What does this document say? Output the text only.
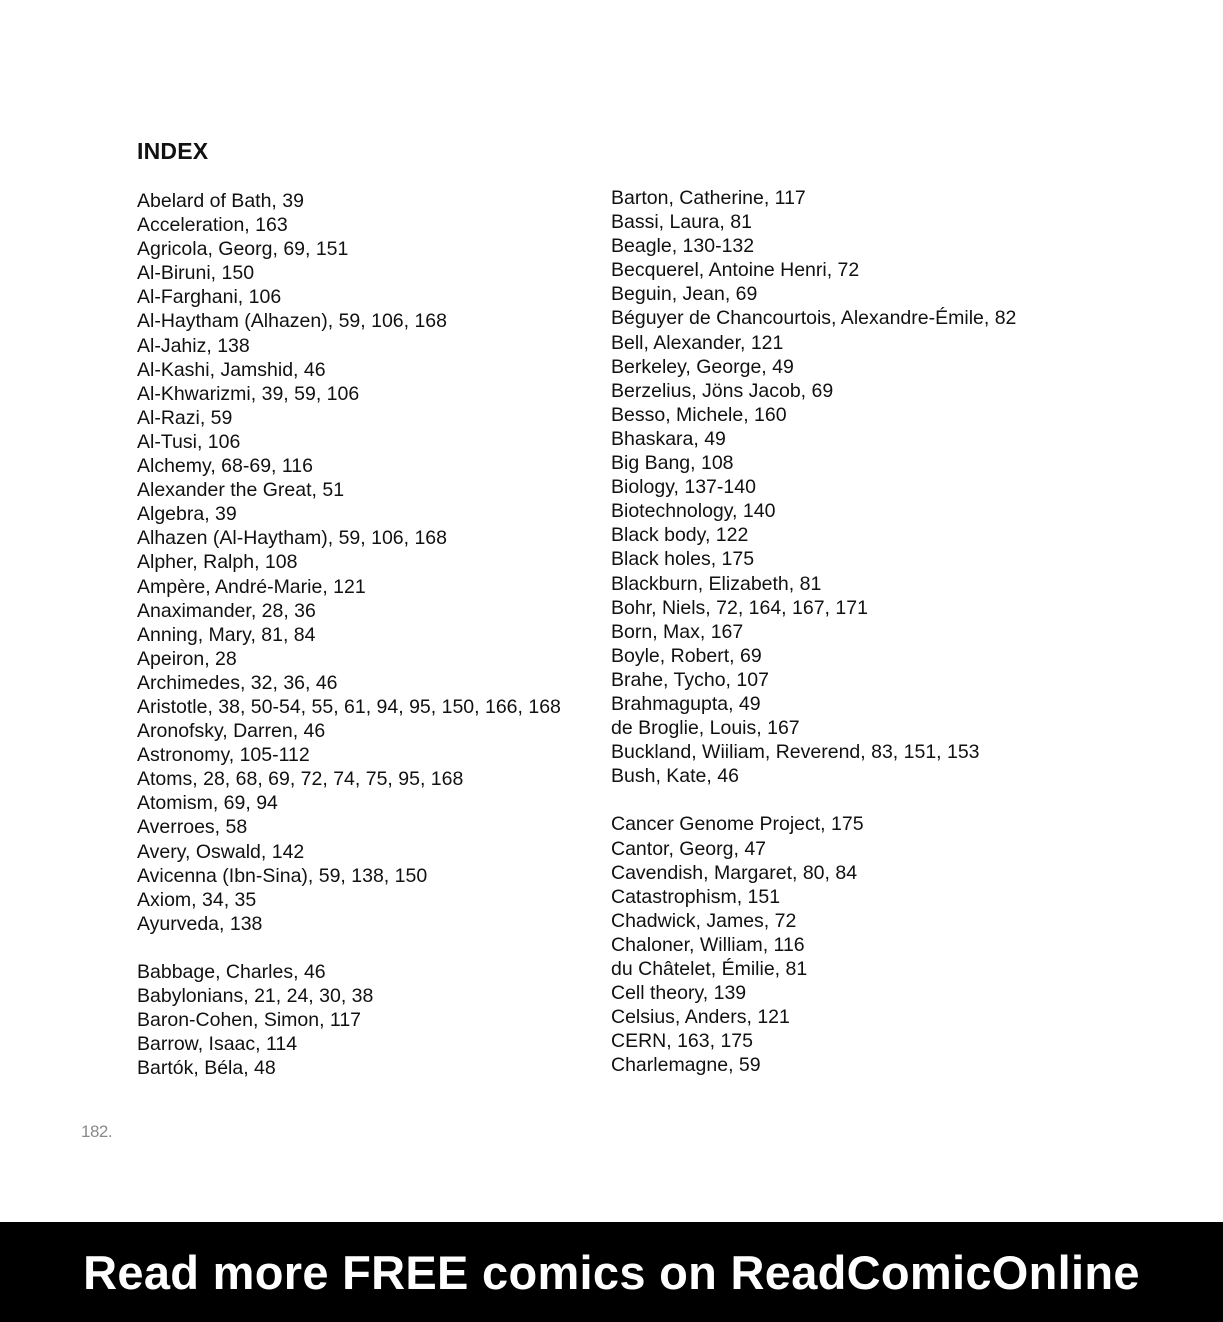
INDEX
Abelard of Bath, 39
Acceleration, 163
Agricola, Georg, 69, 151
Al-Biruni, 150
Al-Farghani, 106
Al-Haytham (Alhazen), 59, 106, 168
Al-Jahiz, 138
Al-Kashi, Jamshid, 46
Al-Khwarizmi, 39, 59, 106
Al-Razi, 59
Al-Tusi, 106
Alchemy, 68-69, 116
Alexander the Great, 51
Algebra, 39
Alhazen (Al-Haytham), 59, 106, 168
Alpher, Ralph, 108
Ampère, André-Marie, 121
Anaximander, 28, 36
Anning, Mary, 81, 84
Apeiron, 28
Archimedes, 32, 36, 46
Aristotle, 38, 50-54, 55, 61, 94, 95, 150, 166, 168
Aronofsky, Darren, 46
Astronomy, 105-112
Atoms, 28, 68, 69, 72, 74, 75, 95, 168
Atomism, 69, 94
Averroes, 58
Avery, Oswald, 142
Avicenna (Ibn-Sina), 59, 138, 150
Axiom, 34, 35
Ayurveda, 138
Babbage, Charles, 46
Babylonians, 21, 24, 30, 38
Baron-Cohen, Simon, 117
Barrow, Isaac, 114
Bartók, Béla, 48
Barton, Catherine, 117
Bassi, Laura, 81
Beagle, 130-132
Becquerel, Antoine Henri, 72
Beguin, Jean, 69
Béguyer de Chancourtois, Alexandre-Émile, 82
Bell, Alexander, 121
Berkeley, George, 49
Berzelius, Jöns Jacob, 69
Besso, Michele, 160
Bhaskara, 49
Big Bang, 108
Biology, 137-140
Biotechnology, 140
Black body, 122
Black holes, 175
Blackburn, Elizabeth, 81
Bohr, Niels, 72, 164, 167, 171
Born, Max, 167
Boyle, Robert, 69
Brahe, Tycho, 107
Brahmagupta, 49
de Broglie, Louis, 167
Buckland, Wiiliam, Reverend, 83, 151, 153
Bush, Kate, 46
Cancer Genome Project, 175
Cantor, Georg, 47
Cavendish, Margaret, 80, 84
Catastrophism, 151
Chadwick, James, 72
Chaloner, William, 116
du Châtelet, Émilie, 81
Cell theory, 139
Celsius, Anders, 121
CERN, 163, 175
Charlemagne, 59
182.
Read more FREE comics on ReadComicOnline
